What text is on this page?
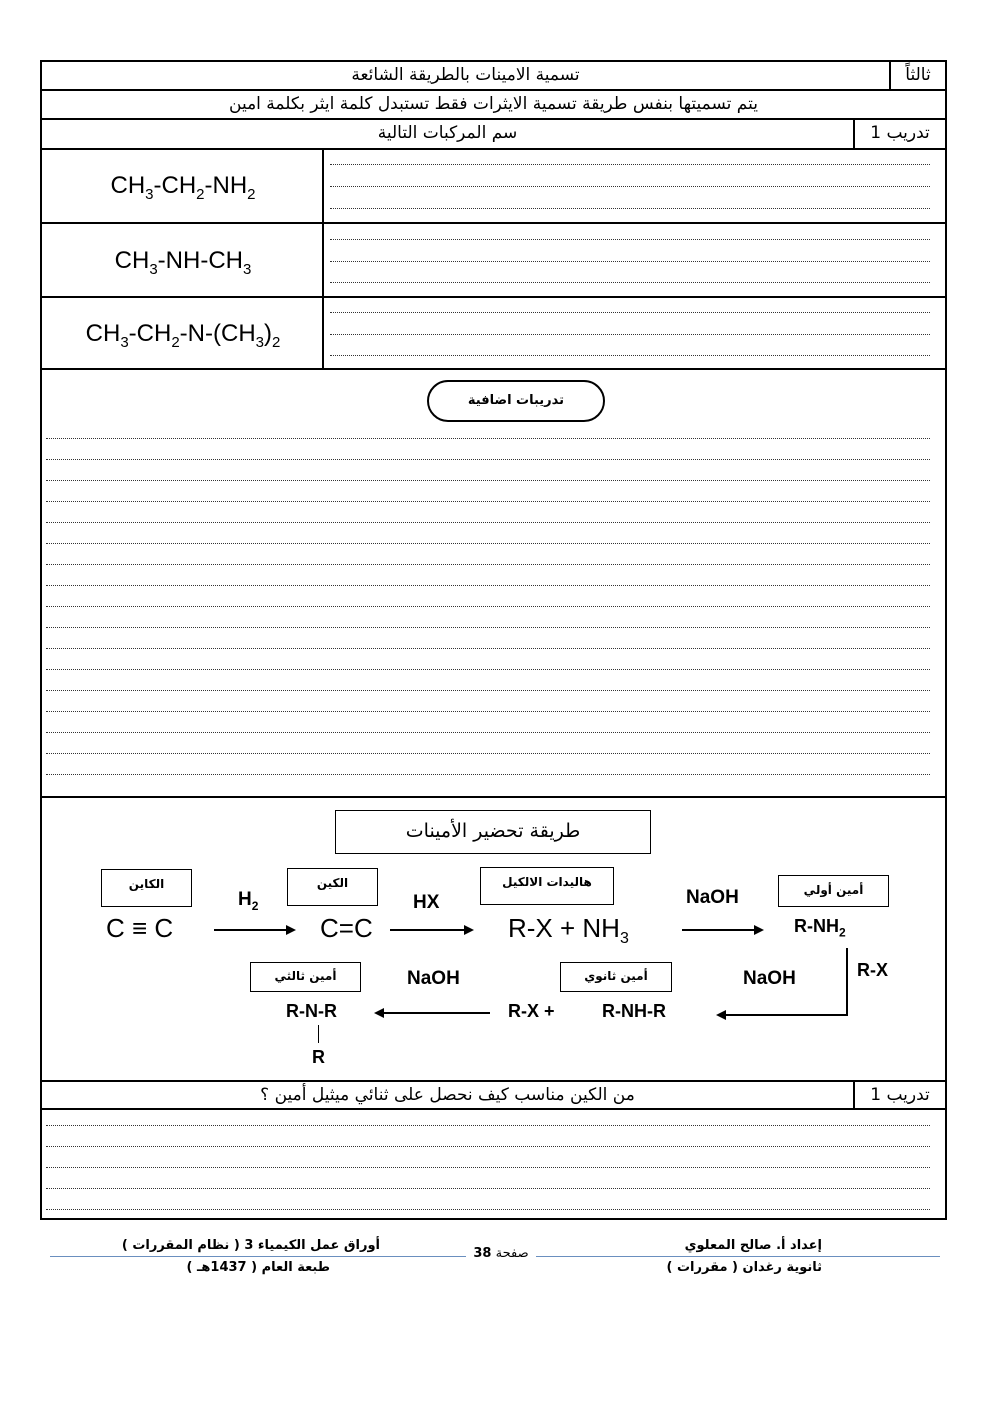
ثالثاً
تسمية الامينات بالطريقة الشائعة
يتم تسميتها بنفس طريقة تسمية الايثرات فقط تستبدل كلمة ايثر بكلمة امين
تدريب 1
سم المركبات التالية
$CH_3-CH_2-NH_2$
$CH_3-NH-CH_3$
$CH_3-CH_2-N-(CH_3)_2$
تدريبات اضافية
طريقة تحضير الأمينات
الكاين	الكين	هاليدات الالكيل
أمين أولي
أمين ثانوي
أمين ثالثي
C ≡ C
$H_2$
C=C
HX
$R-X + NH_3$
NaOH
$R-NH_2$
R-X
NaOH
R-NH-R
R-X +
NaOH
R-N-R
R
تدريب 1
من الكين مناسب كيف نحصل على ثنائي ميثيل أمين ؟
إعداد أ. صالح المعلوي
ثانوية رغدان ( مقررات )
صفحة 38
أوراق عمل الكيمياء 3 ( نظام المقررات )
طبعة العام ( 1437هـ )
